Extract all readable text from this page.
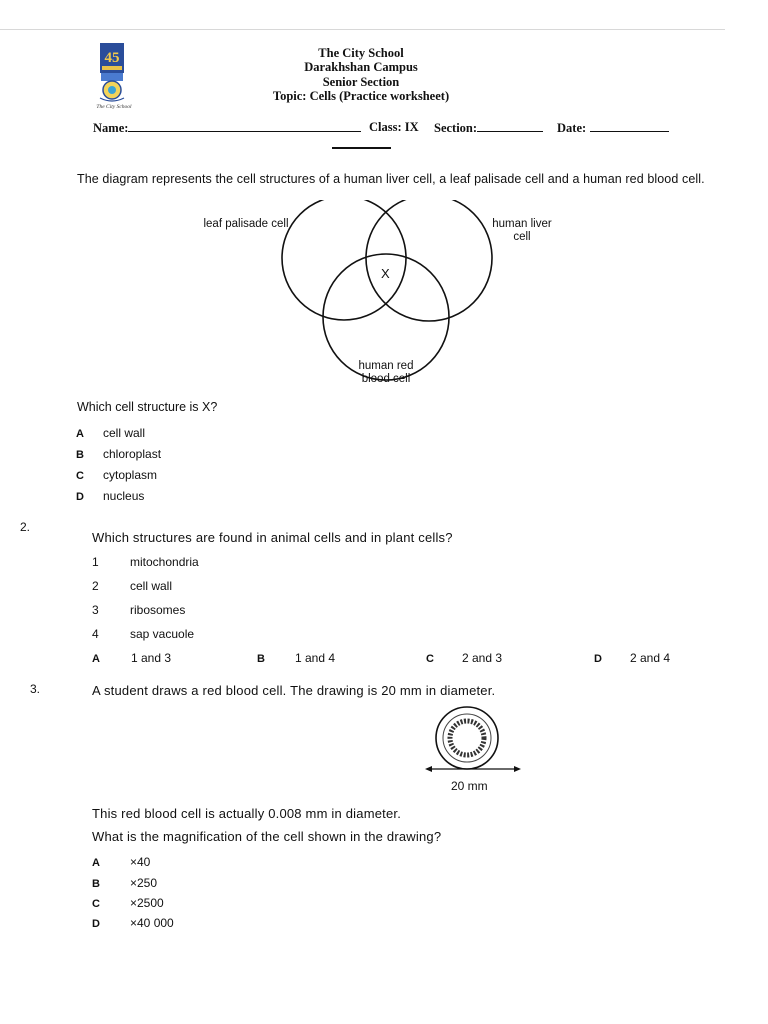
45
The City School
The City School
Darakhshan Campus
Senior Section
Topic: Cells (Practice worksheet)
Name:	Class: IX Section:	Date:
The diagram represents the cell structures of a human liver cell, a leaf palisade cell and a human red blood cell.
leaf palisade cell	human liver cell
human red blood cell
X
Which cell structure is X?
A cell wall
B chloroplast
C cytoplasm
D nucleus
2.
Which structures are found in animal cells and in plant cells?
1	mitochondria
2	cell wall
3	ribosomes
4	sap vacuole
A	1 and 3	B	1 and 4	C 2 and 3	D 2 and 4
3.	A student draws a red blood cell. The drawing is 20 mm in diameter.
20 mm
This red blood cell is actually 0.008 mm in diameter.
What is the magnification of the cell shown in the drawing?
A	×40
B	×250
C	×2500
D	×40 000
